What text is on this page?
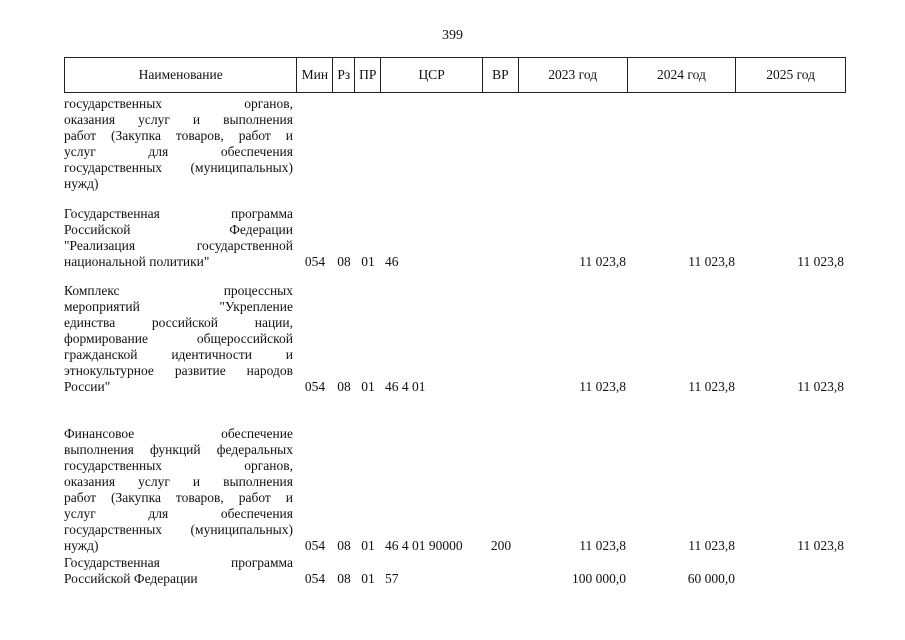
399
Наименование	Мин Рз ПР	ЦСР	ВР	2023 год	2024 год	2025 год
государственных органов,
оказания услуг и выполнения
работ (Закупка товаров, работ и
услуг для обеспечения
государственных (муниципальных)
нужд)
Государственная программа
Российской Федерации
"Реализация государственной
национальной политики"	054 08 01 46	11 023,8	11 023,8	11 023,8
Комплекс процессных
мероприятий "Укрепление
единства российской нации,
формирование общероссийской
гражданской идентичности и
этнокультурное развитие народов
России"	054 08 01 46 4 01	11 023,8	11 023,8	11 023,8
Финансовое обеспечение
выполнения функций федеральных
государственных органов,
оказания услуг и выполнения
работ (Закупка товаров, работ и
услуг для обеспечения
государственных (муниципальных)
нужд)	054 08 01 46 4 01 90000	200	11 023,8	11 023,8	11 023,8
Государственная программа
Российской Федерации	054 08 01 57	100 000,0	60 000,0
